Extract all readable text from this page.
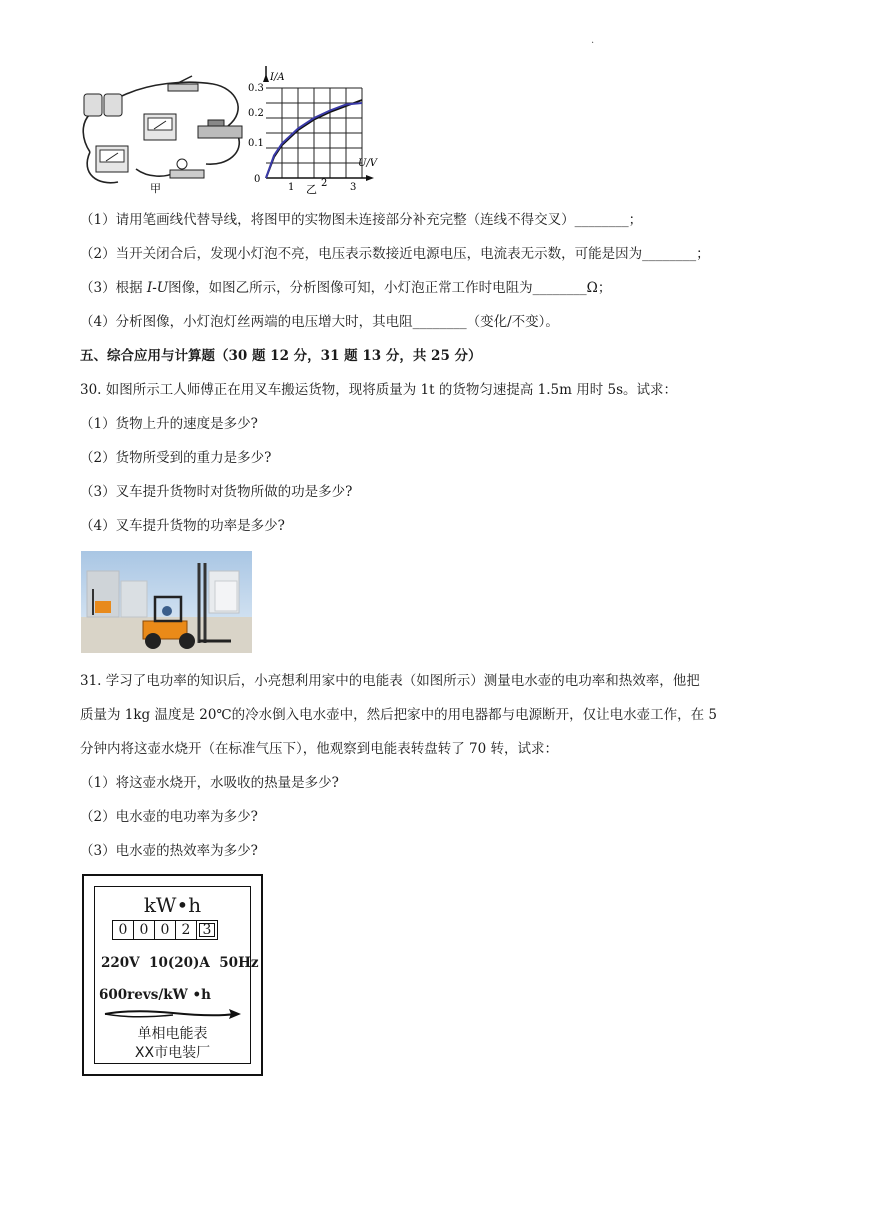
.
甲
I/A
U/V
0.3
0.2
0.1
0
1	2 3
乙
（1）请用笔画线代替导线，将图甲的实物图未连接部分补充完整（连线不得交叉）________；
（2）当开关闭合后，发现小灯泡不亮，电压表示数接近电源电压，电流表无示数，可能是因为________；
（3）根据 I-U图像，如图乙所示，分析图像可知，小灯泡正常工作时电阻为________Ω；
（4）分析图像，小灯泡灯丝两端的电压增大时，其电阻________（变化/不变）。
五、综合应用与计算题（30 题 12 分，31 题 13 分，共 25 分）
30. 如图所示工人师傅正在用叉车搬运货物，现将质量为 1t 的货物匀速提高 1.5m 用时 5s。试求：
（1）货物上升的速度是多少?
（2）货物所受到的重力是多少?
（3）叉车提升货物时对货物所做的功是多少?
（4）叉车提升货物的功率是多少?
31. 学习了电功率的知识后，小亮想利用家中的电能表（如图所示）测量电水壶的电功率和热效率，他把
质量为 1kg 温度是 20℃的冷水倒入电水壶中，然后把家中的用电器都与电源断开，仅让电水壶工作，在 5
分钟内将这壶水烧开（在标准气压下），他观察到电能表转盘转了 70 转，试求：
（1）将这壶水烧开，水吸收的热量是多少?
（2）电水壶的电功率为多少?
（3）电水壶的热效率为多少?
kW•h
0 0 0 2 3
220V  10(20)A  50Hz
600revs/kW •h
单相电能表
XX市电装厂
